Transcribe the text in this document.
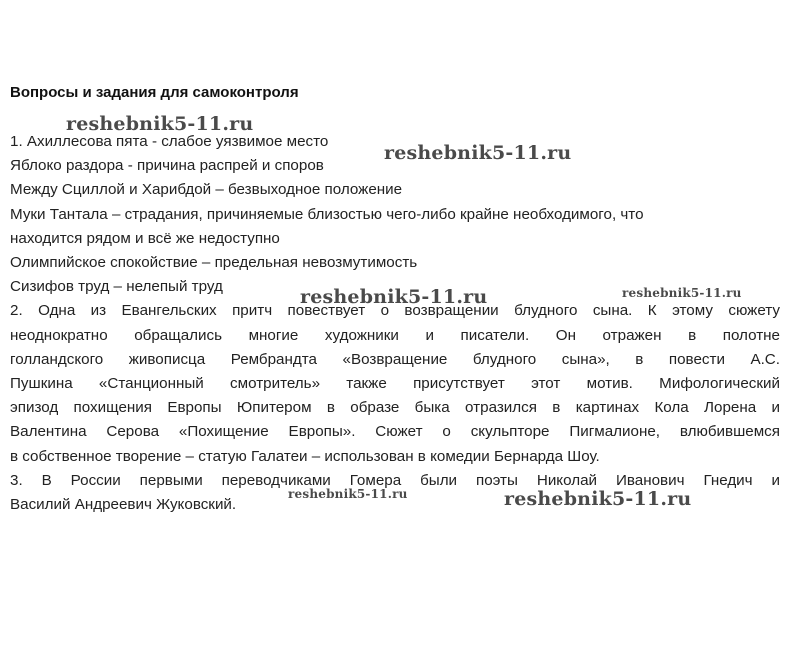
Вопросы и задания для самоконтроля
1. Ахиллесова пята - слабое уязвимое место
Яблоко раздора - причина распрей и споров
Между Сциллой и Харибдой – безвыходное положение
Муки Тантала – страдания, причиняемые близостью чего-либо крайне необходимого, что
находится рядом и всё же недоступно
Олимпийское спокойствие – предельная невозмутимость
Сизифов труд – нелепый труд
2. Одна из Евангельских притч повествует о возвращении блудного сына. К этому сюжету
неоднократно обращались многие художники и писатели. Он отражен в полотне
голландского живописца Рембрандта «Возвращение блудного сына», в повести А.С.
Пушкина «Станционный смотритель» также присутствует этот мотив. Мифологический
эпизод похищения Европы Юпитером в образе быка отразился в картинах Кола Лорена и
Валентина Серова «Похищение Европы». Сюжет о скульпторе Пигмалионе, влюбившемся
в собственное творение – статую Галатеи – использован в комедии Бернарда Шоу.
3. В России первыми переводчиками Гомера были поэты Николай Иванович Гнедич и
Василий Андреевич Жуковский.
reshebnik5-11.ru
reshebnik5-11.ru
reshebnik5-11.ru	reshebnik5-11.ru
reshebnik5-11.ru	reshebnik5-11.ru
